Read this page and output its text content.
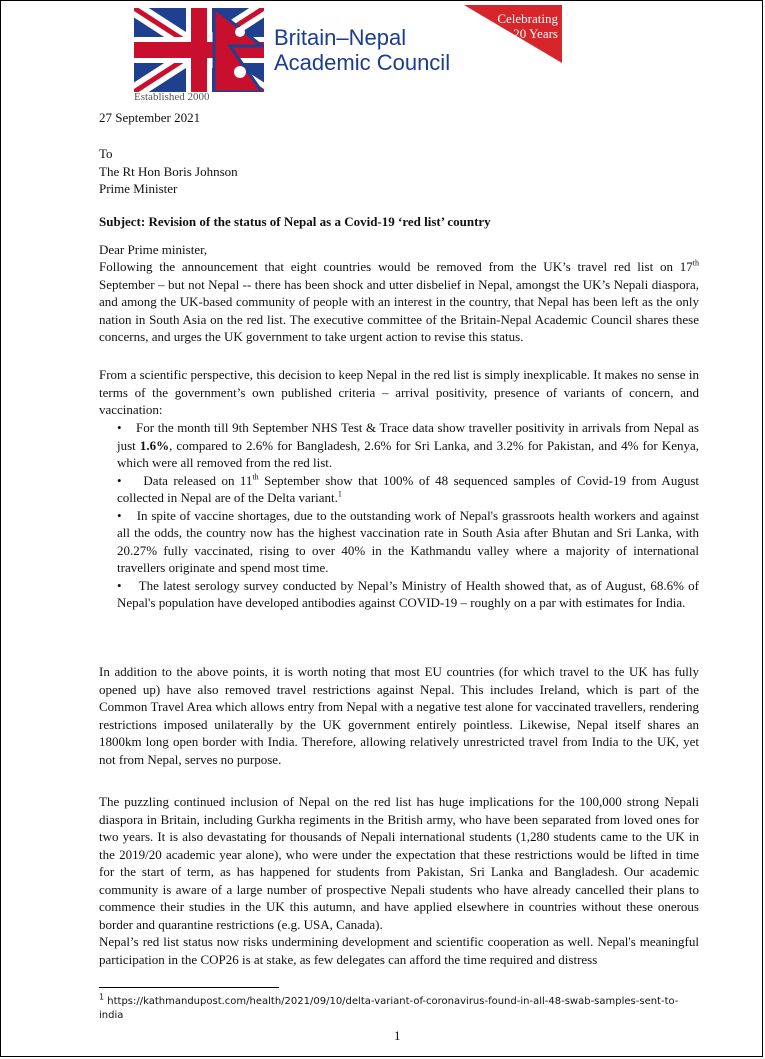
Britain–Nepal
Academic Council
Established 2000
Celebrating
20 Years
27 September 2021
To
The Rt Hon Boris Johnson
Prime Minister
Subject: Revision of the status of Nepal as a Covid-19 ‘red list’ country
Dear Prime minister,
Following the announcement that eight countries would be removed from the UK’s travel red list on 17th September – but not Nepal -- there has been shock and utter disbelief in Nepal, amongst the UK’s Nepali diaspora, and among the UK-based community of people with an interest in the country, that Nepal has been left as the only nation in South Asia on the red list. The executive committee of the Britain-Nepal Academic Council shares these concerns, and urges the UK government to take urgent action to revise this status.
From a scientific perspective, this decision to keep Nepal in the red list is simply inexplicable. It makes no sense in terms of the government’s own published criteria – arrival positivity, presence of variants of concern, and vaccination:
•    For the month till 9th September NHS Test & Trace data show traveller positivity in arrivals from Nepal as just 1.6%, compared to 2.6% for Bangladesh, 2.6% for Sri Lanka, and 3.2% for Pakistan, and 4% for Kenya, which were all removed from the red list.
•    Data released on 11th September show that 100% of 48 sequenced samples of Covid-19 from August collected in Nepal are of the Delta variant.$^1$
•    In spite of vaccine shortages, due to the outstanding work of Nepal's grassroots health workers and against all the odds, the country now has the highest vaccination rate in South Asia after Bhutan and Sri Lanka, with 20.27% fully vaccinated, rising to over 40% in the Kathmandu valley where a majority of international travellers originate and spend most time.
•    The latest serology survey conducted by Nepal’s Ministry of Health showed that, as of August, 68.6% of Nepal's population have developed antibodies against COVID-19 – roughly on a par with estimates for India.
In addition to the above points, it is worth noting that most EU countries (for which travel to the UK has fully opened up) have also removed travel restrictions against Nepal. This includes Ireland, which is part of the Common Travel Area which allows entry from Nepal with a negative test alone for vaccinated travellers, rendering restrictions imposed unilaterally by the UK government entirely pointless. Likewise, Nepal itself shares an 1800km long open border with India. Therefore, allowing relatively unrestricted travel from India to the UK, yet not from Nepal, serves no purpose.
The puzzling continued inclusion of Nepal on the red list has huge implications for the 100,000 strong Nepali diaspora in Britain, including Gurkha regiments in the British army, who have been separated from loved ones for two years. It is also devastating for thousands of Nepali international students (1,280 students came to the UK in the 2019/20 academic year alone), who were under the expectation that these restrictions would be lifted in time for the start of term, as has happened for students from Pakistan, Sri Lanka and Bangladesh. Our academic community is aware of a large number of prospective Nepali students who have already cancelled their plans to commence their studies in the UK this autumn, and have applied elsewhere in countries without these onerous border and quarantine restrictions (e.g. USA, Canada).
Nepal’s red list status now risks undermining development and scientific cooperation as well. Nepal's meaningful participation in the COP26 is at stake, as few delegates can afford the time required and distress
$^1$ https://kathmandupost.com/health/2021/09/10/delta-variant-of-coronavirus-found-in-all-48-swab-samples-sent-to-india
1
